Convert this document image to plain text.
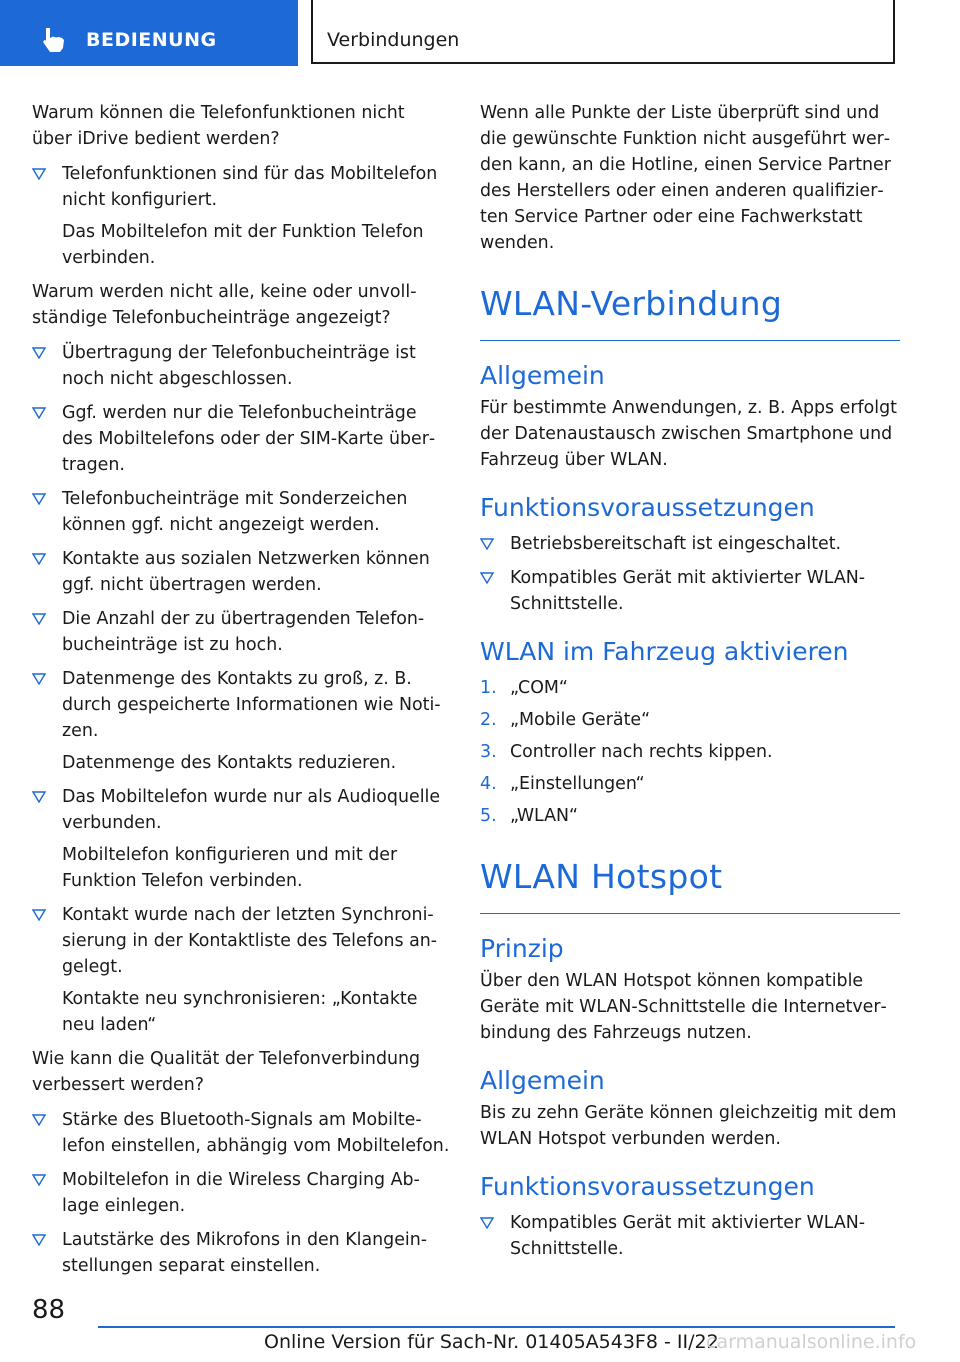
BEDIENUNG	Verbindungen

Warum können die Telefonfunktionen nicht über iDrive bedient werden?

Telefonfunktionen sind für das Mobiltelefon nicht konfiguriert.

Das Mobiltelefon mit der Funktion Telefon verbinden.

Warum werden nicht alle, keine oder unvollständige Telefonbucheinträge angezeigt?

Übertragung der Telefonbucheinträge ist noch nicht abgeschlossen.
Ggf. werden nur die Telefonbucheinträge des Mobiltelefons oder der SIM-Karte übertragen.
Telefonbucheinträge mit Sonderzeichen können ggf. nicht angezeigt werden.
Kontakte aus sozialen Netzwerken können ggf. nicht übertragen werden.
Die Anzahl der zu übertragenden Telefonbucheinträge ist zu hoch.
Datenmenge des Kontakts zu groß, z. B. durch gespeicherte Informationen wie Notizen.

Datenmenge des Kontakts reduzieren.

Das Mobiltelefon wurde nur als Audioquelle verbunden.

Mobiltelefon konfigurieren und mit der Funktion Telefon verbinden.

Kontakt wurde nach der letzten Synchronisierung in der Kontaktliste des Telefons angelegt.

Kontakte neu synchronisieren: „Kontakte neu laden“

Wie kann die Qualität der Telefonverbindung verbessert werden?

Stärke des Bluetooth-Signals am Mobiltelefon einstellen, abhängig vom Mobiltelefon.
Mobiltelefon in die Wireless Charging Ablage einlegen.
Lautstärke des Mikrofons in den Klangeinstellungen separat einstellen.

Wenn alle Punkte der Liste überprüft sind und die gewünschte Funktion nicht ausgeführt werden kann, an die Hotline, einen Service Partner des Herstellers oder einen anderen qualifizierten Service Partner oder eine Fachwerkstatt wenden.

WLAN-Verbindung
Allgemein

Für bestimmte Anwendungen, z. B. Apps erfolgt der Datenaustausch zwischen Smartphone und Fahrzeug über WLAN.

Funktionsvoraussetzungen
Betriebsbereitschaft ist eingeschaltet.
Kompatibles Gerät mit aktivierter WLAN-Schnittstelle.
WLAN im Fahrzeug aktivieren
1. „COM“
2. „Mobile Geräte“
3. Controller nach rechts kippen.
4. „Einstellungen“
5. „WLAN“
WLAN Hotspot
Prinzip

Über den WLAN Hotspot können kompatible Geräte mit WLAN-Schnittstelle die Internetverbindung des Fahrzeugs nutzen.

Allgemein

Bis zu zehn Geräte können gleichzeitig mit dem WLAN Hotspot verbunden werden.

Funktionsvoraussetzungen
Kompatibles Gerät mit aktivierter WLAN-Schnittstelle.
88
Online Version für Sach-Nr. 01405A543F8 - II/22
carmanualsonline.info
